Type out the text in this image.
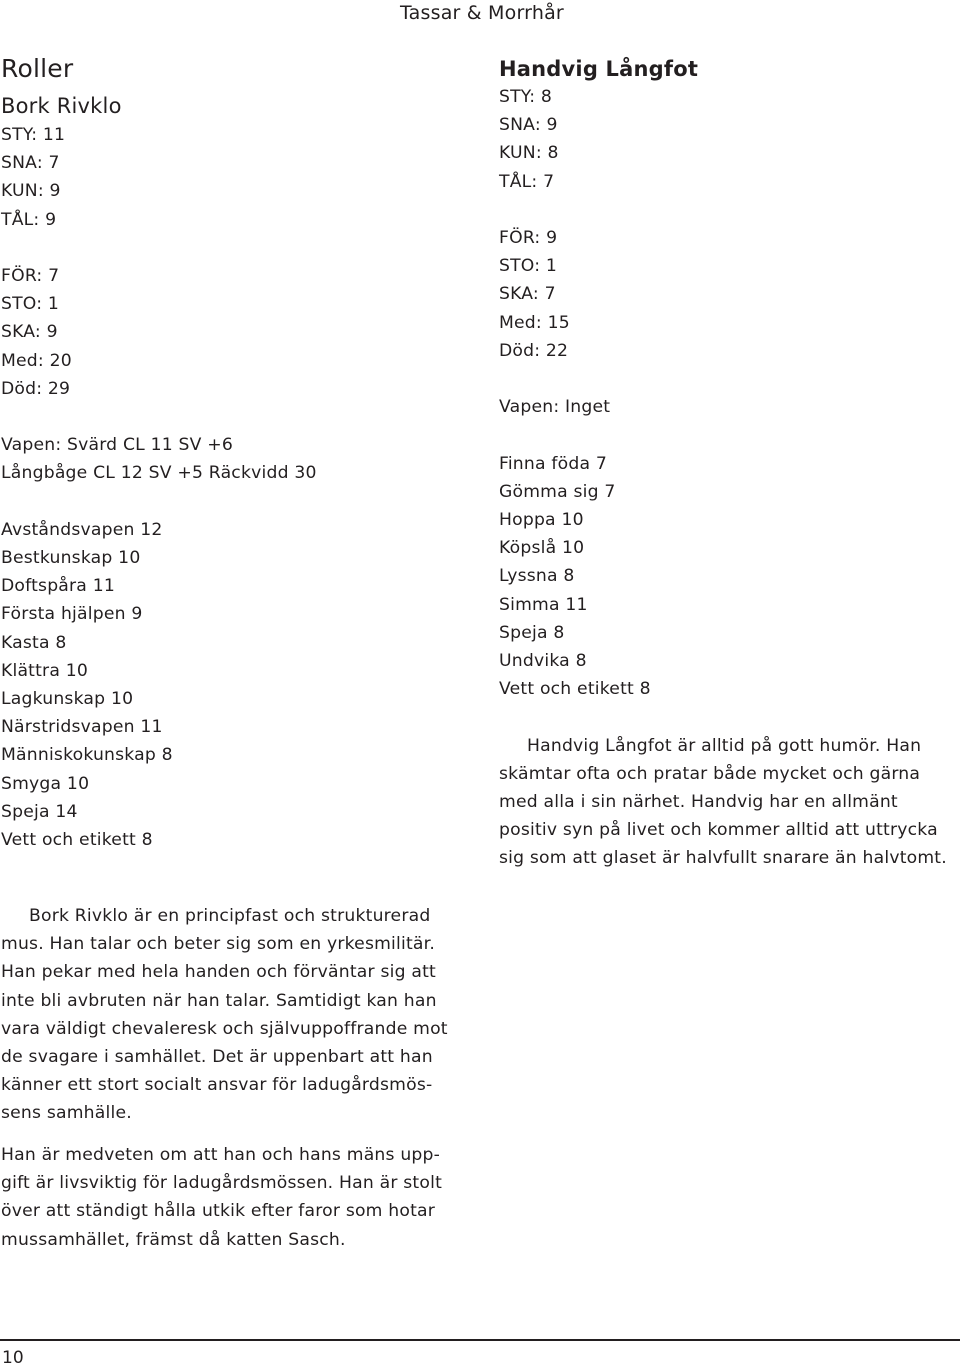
Tassar & Morrhår
Roller
Bork Rivklo
STY: 11
SNA: 7
KUN: 9
TÅL: 9
FÖR: 7
STO: 1
SKA: 9
Med: 20
Död: 29
Vapen: Svärd CL 11 SV +6
Långbåge CL 12 SV +5 Räckvidd 30
Avståndsvapen 12
Bestkunskap 10
Doftspåra 11
Första hjälpen 9
Kasta 8
Klättra 10
Lagkunskap 10
Närstridsvapen 11
Människokunskap 8
Smyga 10
Speja 14
Vett och etikett 8
Handvig Långfot
STY: 8
SNA: 9
KUN: 8
TÅL: 7
FÖR: 9
STO: 1
SKA: 7
Med: 15
Död: 22
Vapen: Inget
Finna föda 7
Gömma sig 7
Hoppa 10
Köpslå 10
Lyssna 8
Simma 11
Speja 8
Undvika 8
Vett och etikett 8
Handvig Långfot är alltid på gott humör. Han
skämtar ofta och pratar både mycket och gärna
med alla i sin närhet. Handvig har en allmänt
positiv syn på livet och kommer alltid att uttrycka
sig som att glaset är halvfullt snarare än halvtomt.
Bork Rivklo är en principfast och strukturerad
mus. Han talar och beter sig som en yrkesmilitär.
Han pekar med hela handen och förväntar sig att
inte bli avbruten när han talar. Samtidigt kan han
vara väldigt chevaleresk och självuppoffrande mot
de svagare i samhället. Det är uppenbart att han
känner ett stort socialt ansvar för ladugårdsmös-
sens samhälle.
Han är medveten om att han och hans mäns upp-
gift är livsviktig för ladugårdsmössen. Han är stolt
över att ständigt hålla utkik efter faror som hotar
mussamhället, främst då katten Sasch.
10
